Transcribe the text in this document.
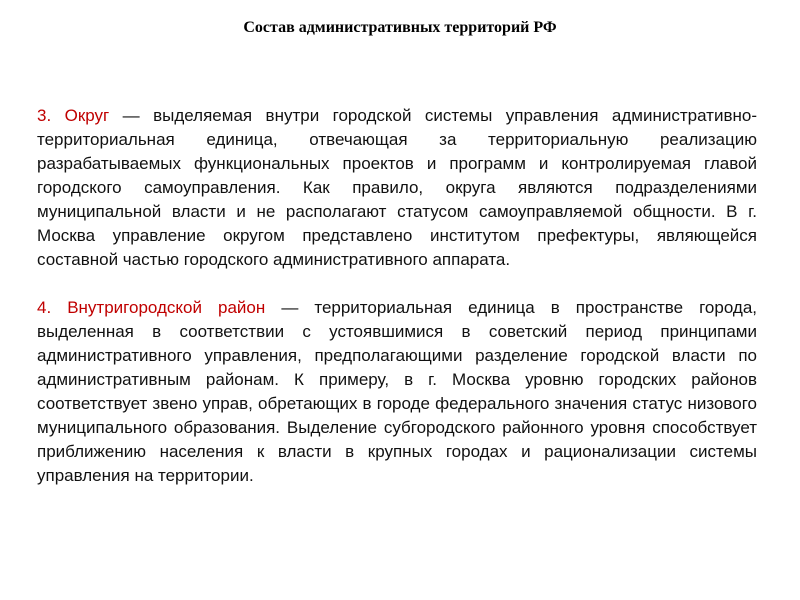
Состав административных территорий РФ

3. Округ — выделяемая внутри городской системы управления административно-территориальная единица, отвечающая за территориальную реализацию разрабатываемых функциональных проектов и программ и контролируемая главой городского самоуправления. Как правило, округа являются подразделениями муниципальной власти и не располагают статусом самоуправляемой общности. В г. Москва управление округом представлено институтом префектуры, являющейся составной частью городского административного аппарата.

4. Внутригородской район — территориальная единица в пространстве города, выделенная в соответствии с устоявшимися в советский период принципами административного управления, предполагающими разделение городской власти по административным районам. К примеру, в г. Москва уровню городских районов соответствует звено управ, обретающих в городе федерального значения статус низового муниципального образования. Выделение субгородского районного уровня способствует приближению населения к власти в крупных городах и рационализации системы управления на территории.
